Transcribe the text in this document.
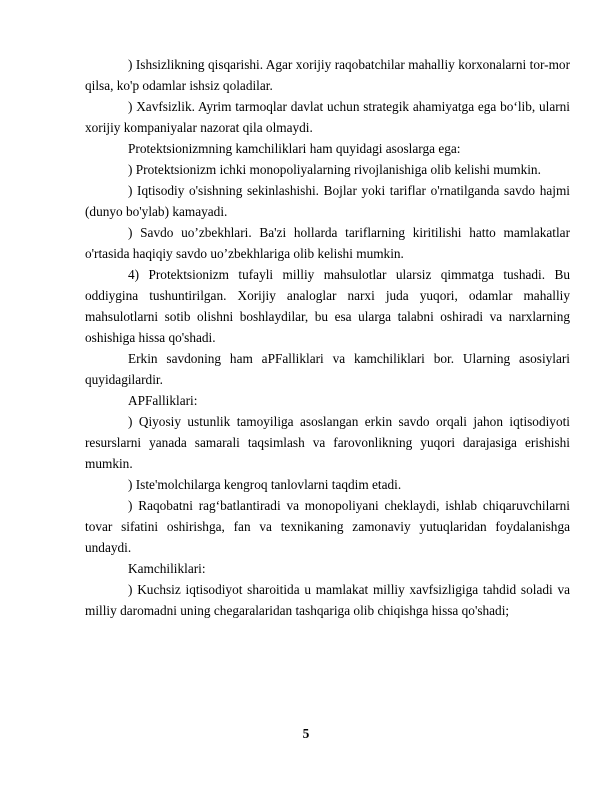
) Ishsizlikning qisqarishi. Agar xorijiy raqobatchilar mahalliy korxonalarni tor-mor qilsa, ko'p odamlar ishsiz qoladilar.

) Xavfsizlik. Ayrim tarmoqlar davlat uchun strategik ahamiyatga ega bo‘lib, ularni xorijiy kompaniyalar nazorat qila olmaydi.

Protektsionizmning kamchiliklari ham quyidagi asoslarga ega:

) Protektsionizm ichki monopoliyalarning rivojlanishiga olib kelishi mumkin.

) Iqtisodiy o'sishning sekinlashishi. Bojlar yoki tariflar o'rnatilganda savdo hajmi (dunyo bo'ylab) kamayadi.

) Savdo uo’zbekhlari. Ba'zi hollarda tariflarning kiritilishi hatto mamlakatlar o'rtasida haqiqiy savdo uo’zbekhlariga olib kelishi mumkin.

4) Protektsionizm tufayli milliy mahsulotlar ularsiz qimmatga tushadi. Bu oddiygina tushuntirilgan. Xorijiy analoglar narxi juda yuqori, odamlar mahalliy mahsulotlarni sotib olishni boshlaydilar, bu esa ularga talabni oshiradi va narxlarning oshishiga hissa qo'shadi.

Erkin savdoning ham aPFalliklari va kamchiliklari bor. Ularning asosiylari quyidagilardir.

APFalliklari:

) Qiyosiy ustunlik tamoyiliga asoslangan erkin savdo orqali jahon iqtisodiyoti resurslarni yanada samarali taqsimlash va farovonlikning yuqori darajasiga erishishi mumkin.

) Iste'molchilarga kengroq tanlovlarni taqdim etadi.

) Raqobatni rag‘batlantiradi va monopoliyani cheklaydi, ishlab chiqaruvchilarni tovar sifatini oshirishga, fan va texnikaning zamonaviy yutuqlaridan foydalanishga undaydi.

Kamchiliklari:

) Kuchsiz iqtisodiyot sharoitida u mamlakat milliy xavfsizligiga tahdid soladi va milliy daromadni uning chegaralaridan tashqariga olib chiqishga hissa qo'shadi;

5
